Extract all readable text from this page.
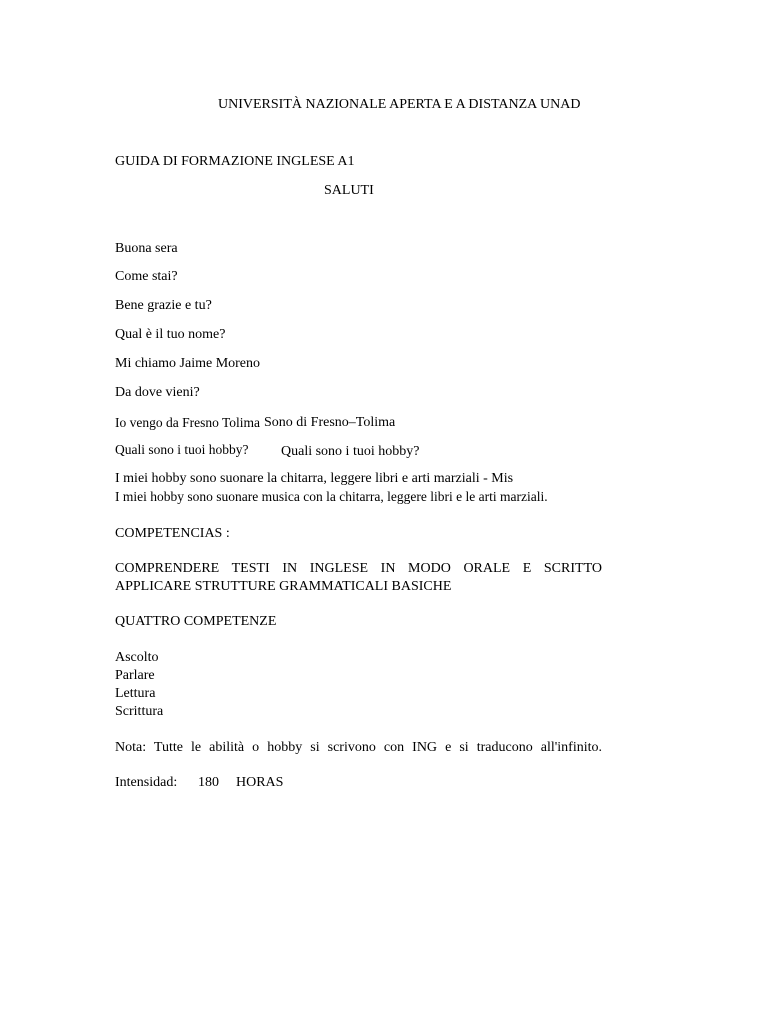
UNIVERSITÀ NAZIONALE APERTA E A DISTANZA UNAD
GUIDA DI FORMAZIONE INGLESE A1
SALUTI
Buona sera
Come stai?
Bene grazie e tu?
Qual è il tuo nome?
Mi chiamo Jaime Moreno
Da dove vieni?
Io vengo da Fresno Tolima Sono di Fresno–Tolima
Quali sono i tuoi hobby? Quali sono i tuoi hobby?
I miei hobby sono suonare la chitarra, leggere libri e arti marziali - Mis
I miei hobby sono suonare musica con la chitarra, leggere libri e le arti marziali.
COMPETENCIAS :
COMPRENDERE TESTI IN INGLESE IN MODO ORALE E SCRITTO
APPLICARE STRUTTURE GRAMMATICALI BASICHE
QUATTRO COMPETENZE
Ascolto
Parlare
Lettura
Scrittura
Nota: Tutte le abilità o hobby si scrivono con ING e si traducono all'infinito.
Intensidad: 180 HORAS
